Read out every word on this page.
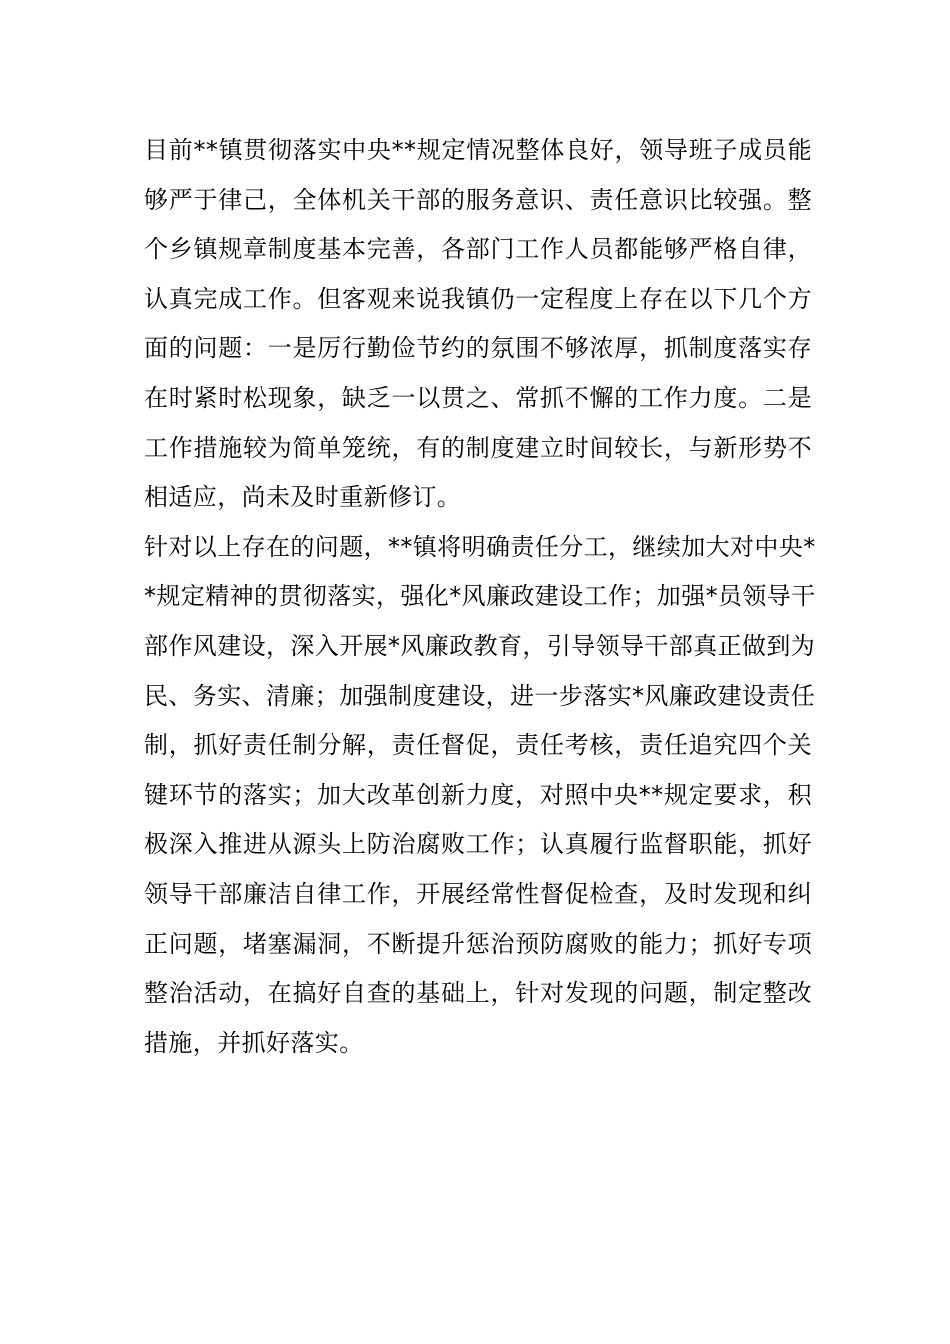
目前**镇贯彻落实中央**规定情况整体良好，领导班子成员能
够严于律己，全体机关干部的服务意识、责任意识比较强。整
个乡镇规章制度基本完善，各部门工作人员都能够严格自律，
认真完成工作。但客观来说我镇仍一定程度上存在以下几个方
面的问题：一是厉行勤俭节约的氛围不够浓厚，抓制度落实存
在时紧时松现象，缺乏一以贯之、常抓不懈的工作力度。二是
工作措施较为简单笼统，有的制度建立时间较长，与新形势不
相适应，尚未及时重新修订。
针对以上存在的问题，**镇将明确责任分工，继续加大对中央*
*规定精神的贯彻落实，强化*风廉政建设工作；加强*员领导干
部作风建设，深入开展*风廉政教育，引导领导干部真正做到为
民、务实、清廉；加强制度建设，进一步落实*风廉政建设责任
制，抓好责任制分解，责任督促，责任考核，责任追究四个关
键环节的落实；加大改革创新力度，对照中央**规定要求，积
极深入推进从源头上防治腐败工作；认真履行监督职能，抓好
领导干部廉洁自律工作，开展经常性督促检查，及时发现和纠
正问题，堵塞漏洞，不断提升惩治预防腐败的能力；抓好专项
整治活动，在搞好自查的基础上，针对发现的问题，制定整改
措施，并抓好落实。
